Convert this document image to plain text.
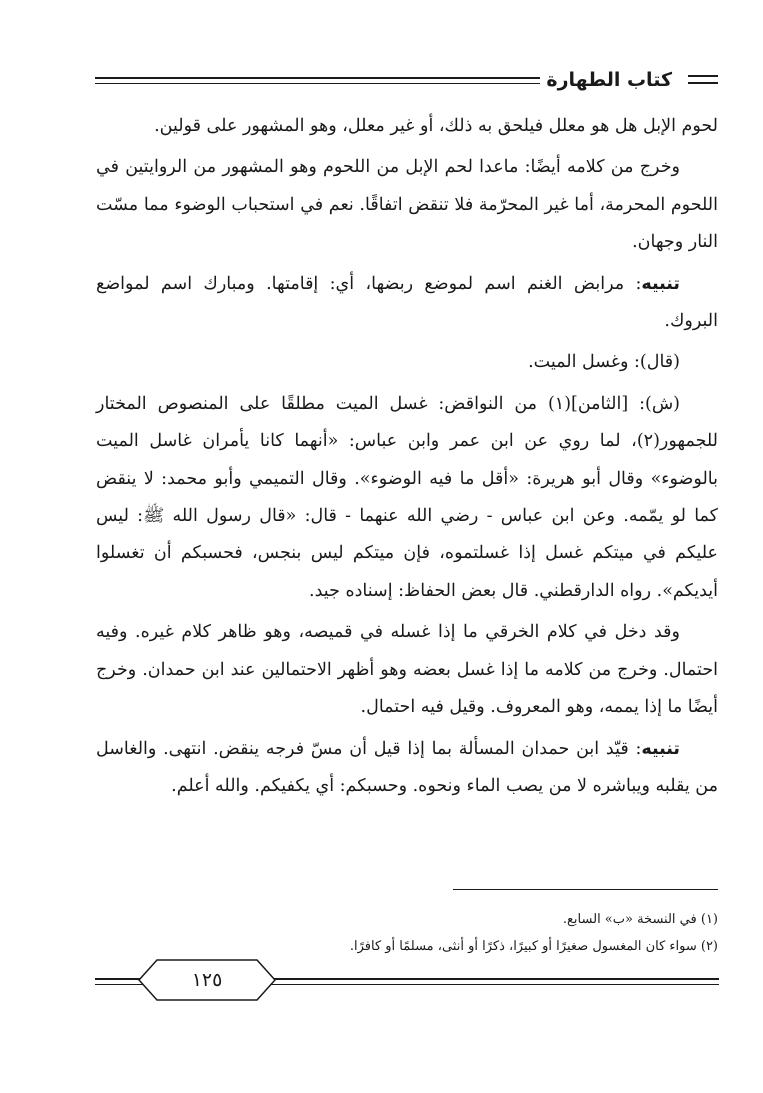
كتاب الطهارة

لحوم الإبل هل هو معلل فيلحق به ذلك، أو غير معلل، وهو المشهور على قولين.

وخرج من كلامه أيضًا: ماعدا لحم الإبل من اللحوم وهو المشهور من الروايتين في اللحوم المحرمة، أما غير المحرّمة فلا تنقض اتفاقًا. نعم في استحباب الوضوء مما مسّت النار وجهان.

تنبيه: مرابض الغنم اسم لموضع ربضها، أي: إقامتها. ومبارك اسم لمواضع البروك.

(قال): وغسل الميت.

(ش): [الثامن](١) من النواقض: غسل الميت مطلقًا على المنصوص المختار للجمهور(٢)، لما روي عن ابن عمر وابن عباس: «أنهما كانا يأمران غاسل الميت بالوضوء» وقال أبو هريرة: «أقل ما فيه الوضوء». وقال التميمي وأبو محمد: لا ينقض كما لو يمّمه. وعن ابن عباس - رضي الله عنهما - قال: «قال رسول الله ﷺ: ليس عليكم في ميتكم غسل إذا غسلتموه، فإن ميتكم ليس بنجس، فحسبكم أن تغسلوا أيديكم». رواه الدارقطني. قال بعض الحفاظ: إسناده جيد.

وقد دخل في كلام الخرقي ما إذا غسله في قميصه، وهو ظاهر كلام غيره. وفيه احتمال. وخرج من كلامه ما إذا غسل بعضه وهو أظهر الاحتمالين عند ابن حمدان. وخرج أيضًا ما إذا يممه، وهو المعروف. وقيل فيه احتمال.

تنبيه: قيّد ابن حمدان المسألة بما إذا قيل أن مسّ فرجه ينقض. انتهى. والغاسل من يقلبه ويباشره لا من يصب الماء ونحوه. وحسبكم: أي يكفيكم. والله أعلم.

(١) في النسخة «ب» السابع.
(٢) سواء كان المغسول صغيرًا أو كبيرًا، ذكرًا أو أنثى، مسلمًا أو كافرًا.
١٢٥
